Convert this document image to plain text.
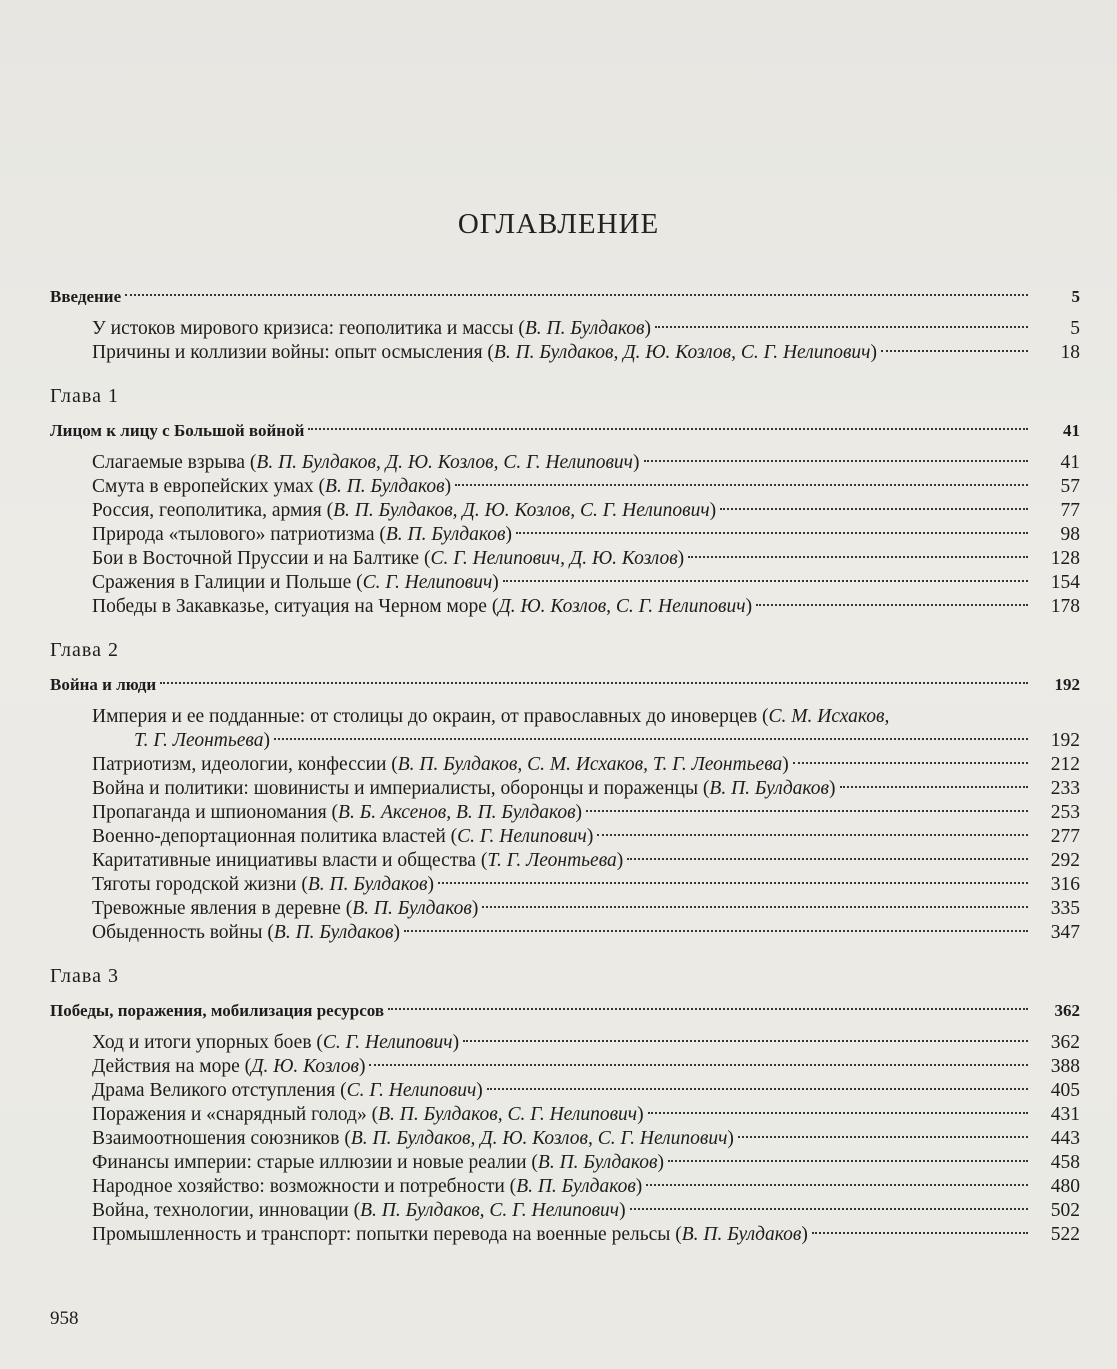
ОГЛАВЛЕНИЕ
Введение	5
У истоков мирового кризиса: геополитика и массы (В. П. Булдаков)	5
Причины и коллизии войны: опыт осмысления (В. П. Булдаков, Д. Ю. Козлов, С. Г. Нелипович)	18
Глава 1
Лицом к лицу с Большой войной	41
Слагаемые взрыва (В. П. Булдаков, Д. Ю. Козлов, С. Г. Нелипович)	41
Смута в европейских умах (В. П. Булдаков)	57
Россия, геополитика, армия (В. П. Булдаков, Д. Ю. Козлов, С. Г. Нелипович)	77
Природа «тылового» патриотизма (В. П. Булдаков)	98
Бои в Восточной Пруссии и на Балтике (С. Г. Нелипович, Д. Ю. Козлов)	128
Сражения в Галиции и Польше (С. Г. Нелипович)	154
Победы в Закавказье, ситуация на Черном море (Д. Ю. Козлов, С. Г. Нелипович)	178
Глава 2
Война и люди	192
Империя и ее подданные: от столицы до окраин, от православных до иноверцев (С. М. Исхаков,
Т. Г. Леонтьева)	192
Патриотизм, идеологии, конфессии (В. П. Булдаков, С. М. Исхаков, Т. Г. Леонтьева)	212
Война и политики: шовинисты и империалисты, оборонцы и пораженцы (В. П. Булдаков)	233
Пропаганда и шпиономания (В. Б. Аксенов, В. П. Булдаков)	253
Военно-депортационная политика властей (С. Г. Нелипович)	277
Каритативные инициативы власти и общества (Т. Г. Леонтьева)	292
Тяготы городской жизни (В. П. Булдаков)	316
Тревожные явления в деревне (В. П. Булдаков)	335
Обыденность войны (В. П. Булдаков)	347
Глава 3
Победы, поражения, мобилизация ресурсов	362
Ход и итоги упорных боев (С. Г. Нелипович)	362
Действия на море (Д. Ю. Козлов)	388
Драма Великого отступления (С. Г. Нелипович)	405
Поражения и «снарядный голод» (В. П. Булдаков, С. Г. Нелипович)	431
Взаимоотношения союзников (В. П. Булдаков, Д. Ю. Козлов, С. Г. Нелипович)	443
Финансы империи: старые иллюзии и новые реалии (В. П. Булдаков)	458
Народное хозяйство: возможности и потребности (В. П. Булдаков)	480
Война, технологии, инновации (В. П. Булдаков, С. Г. Нелипович)	502
Промышленность и транспорт: попытки перевода на военные рельсы (В. П. Булдаков)	522
958
